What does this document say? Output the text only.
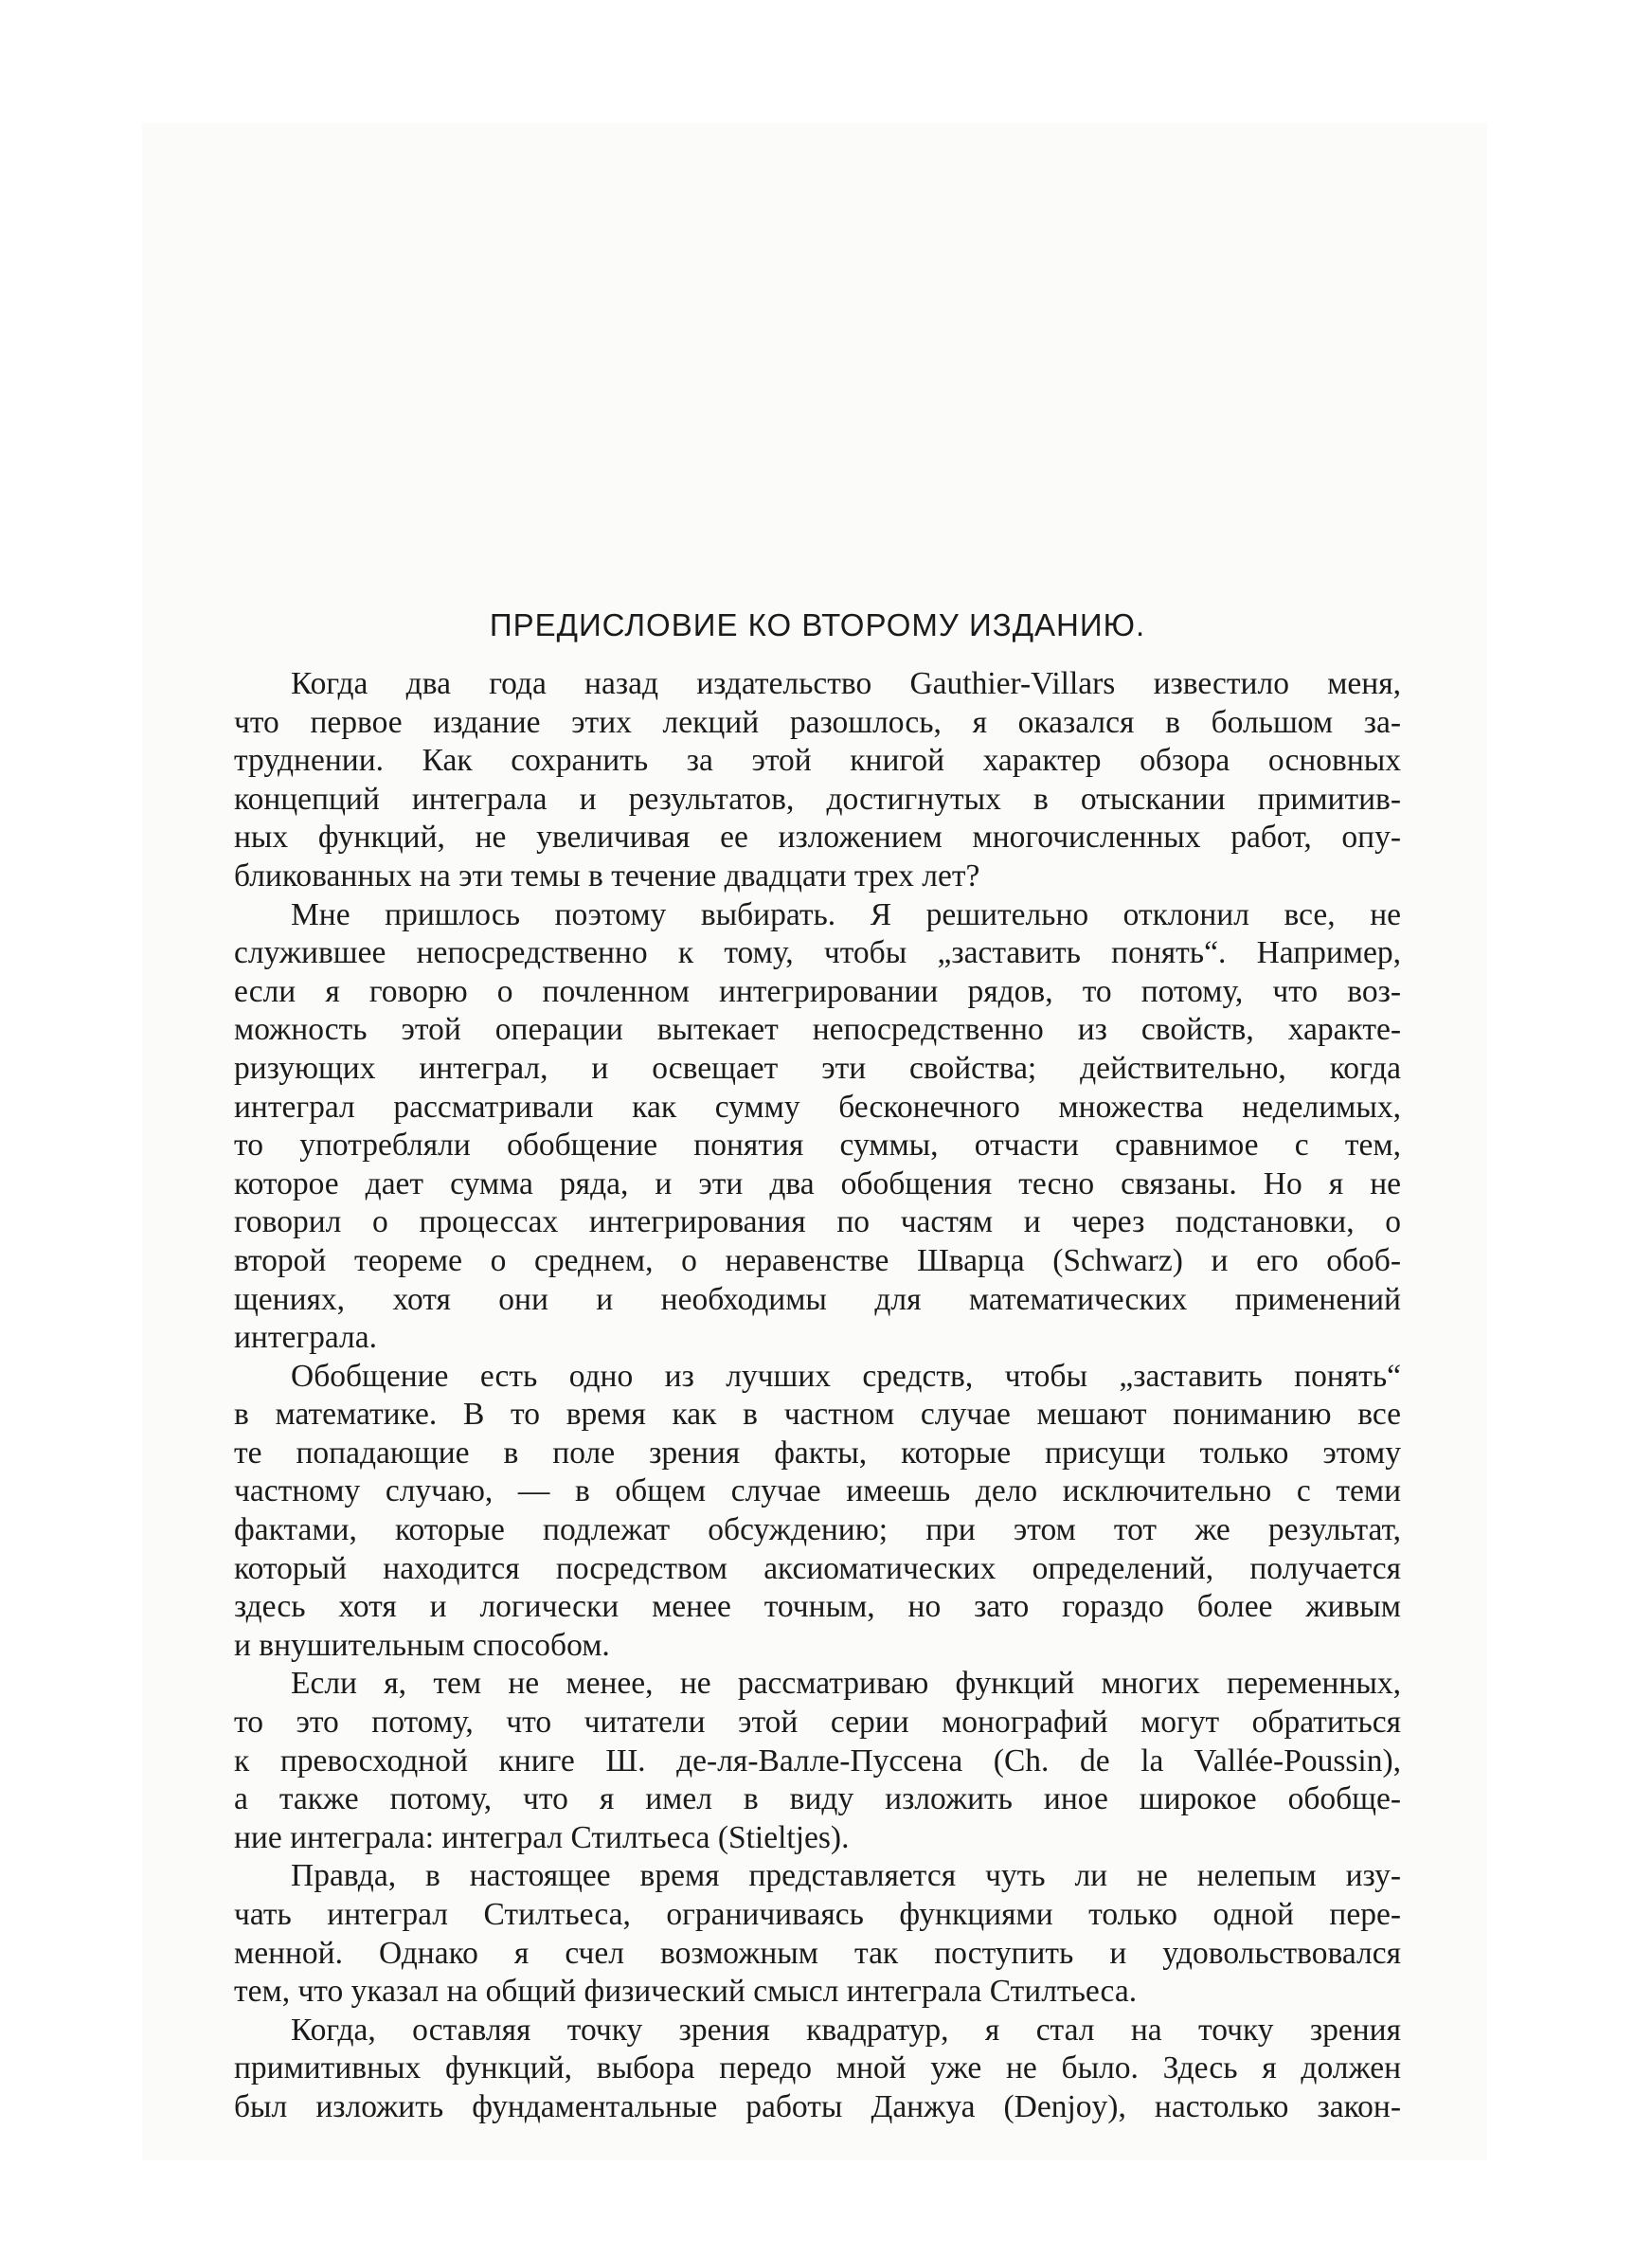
ПРЕДИСЛОВИЕ КО ВТОРОМУ ИЗДАНИЮ.

Когда два года назад издательство Gauthier-Villars известило меня,
что первое издание этих лекций разошлось, я оказался в большом за-
труднении. Как сохранить за этой книгой характер обзора основных
концепций интеграла и результатов, достигнутых в отыскании примитив-
ных функций, не увеличивая ее изложением многочисленных работ, опу-
бликованных на эти темы в течение двадцати трех лет?

Мне пришлось поэтому выбирать. Я решительно отклонил все, не
служившее непосредственно к тому, чтобы „заставить понять“. Например,
если я говорю о почленном интегрировании рядов, то потому, что воз-
можность этой операции вытекает непосредственно из свойств, характе-
ризующих интеграл, и освещает эти свойства; действительно, когда
интеграл рассматривали как сумму бесконечного множества неделимых,
то употребляли обобщение понятия суммы, отчасти сравнимое с тем,
которое дает сумма ряда, и эти два обобщения тесно связаны. Но я не
говорил о процессах интегрирования по частям и через подстановки, о
второй теореме о среднем, о неравенстве Шварца (Schwarz) и его обоб-
щениях, хотя они и необходимы для математических применений
интеграла.

Обобщение есть одно из лучших средств, чтобы „заставить понять“
в математике. В то время как в частном случае мешают пониманию все
те попадающие в поле зрения факты, которые присущи только этому
частному случаю, — в общем случае имеешь дело исключительно с теми
фактами, которые подлежат обсуждению; при этом тот же результат,
который находится посредством аксиоматических определений, получается
здесь хотя и логически менее точным, но зато гораздо более живым
и внушительным способом.

Если я, тем не менее, не рассматриваю функций многих переменных,
то это потому, что читатели этой серии монографий могут обратиться
к превосходной книге Ш. де-ля-Валле-Пуссена (Ch. de la Vallée-Poussin),
а также потому, что я имел в виду изложить иное широкое обобще-
ние интеграла: интеграл Стилтьеса (Stieltjes).

Правда, в настоящее время представляется чуть ли не нелепым изу-
чать интеграл Стилтьеса, ограничиваясь функциями только одной пере-
менной. Однако я счел возможным так поступить и удовольствовался
тем, что указал на общий физический смысл интеграла Стилтьеса.

Когда, оставляя точку зрения квадратур, я стал на точку зрения
примитивных функций, выбора передо мной уже не было. Здесь я должен
был изложить фундаментальные работы Данжуа (Denjoy), настолько закон-
